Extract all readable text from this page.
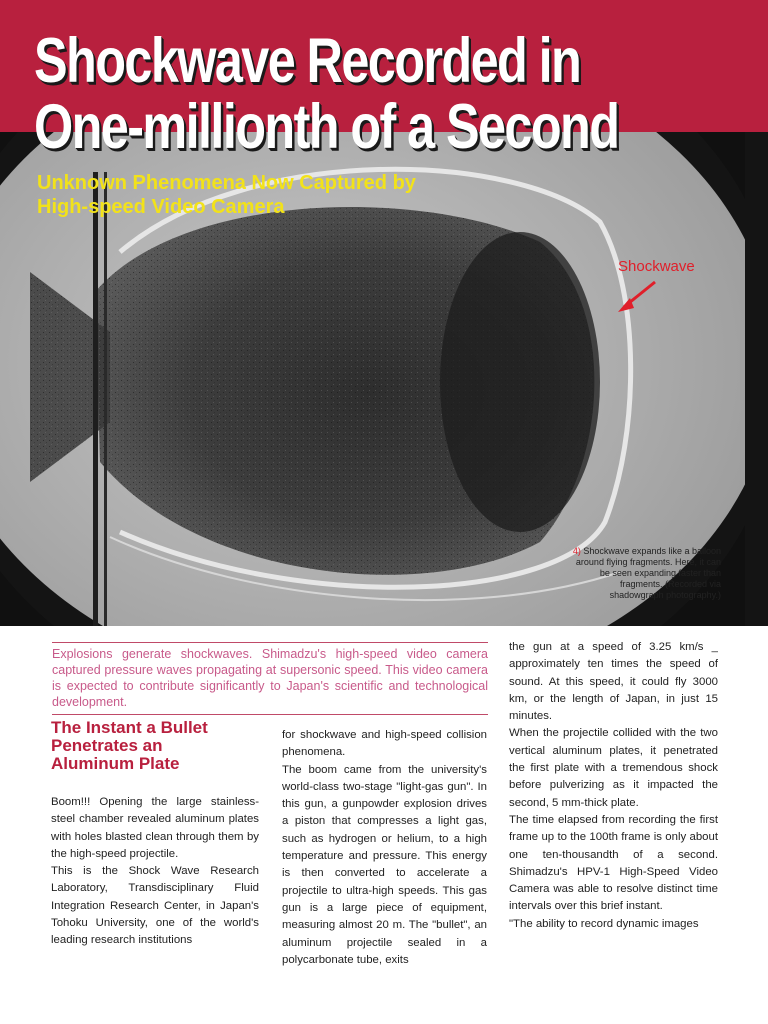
Shockwave Recorded in
One-millionth of a Second
Unknown Phenomena Now Captured by
High-speed Video Camera
Shockwave
4) Shockwave expands like a balloon around flying fragments. Here, it can be seen expanding faster than fragments. (Recorded via shadowgraph photography.)

Explosions generate shockwaves. Shimadzu's high-speed video camera captured pressure waves propagating at supersonic speed. This video camera is expected to contribute significantly to Japan's scientific and technological development.

The Instant a Bullet
Penetrates an
Aluminum Plate

Boom!!! Opening the large stainless-steel chamber revealed aluminum plates with holes blasted clean through them by the high-speed projectile.

This is the Shock Wave Research Laboratory, Transdisciplinary Fluid Integration Research Center, in Japan's Tohoku University, one of the world's leading research institutions

for shockwave and high-speed collision phenomena.

The boom came from the university's world-class two-stage "light-gas gun". In this gun, a gunpowder explosion drives a piston that compresses a light gas, such as hydrogen or helium, to a high temperature and pressure. This energy is then converted to accelerate a projectile to ultra-high speeds. This gas gun is a large piece of equipment, measuring almost 20 m. The "bullet", an aluminum projectile sealed in a polycarbonate tube, exits

the gun at a speed of 3.25 km/s _ approximately ten times the speed of sound. At this speed, it could fly 3000 km, or the length of Japan, in just 15 minutes.

When the projectile collided with the two vertical aluminum plates, it penetrated the first plate with a tremendous shock before pulverizing as it impacted the second, 5 mm-thick plate.

The time elapsed from recording the first frame up to the 100th frame is only about one ten-thousandth of a second. Shimadzu's HPV-1 High-Speed Video Camera was able to resolve distinct time intervals over this brief instant.

"The ability to record dynamic images
